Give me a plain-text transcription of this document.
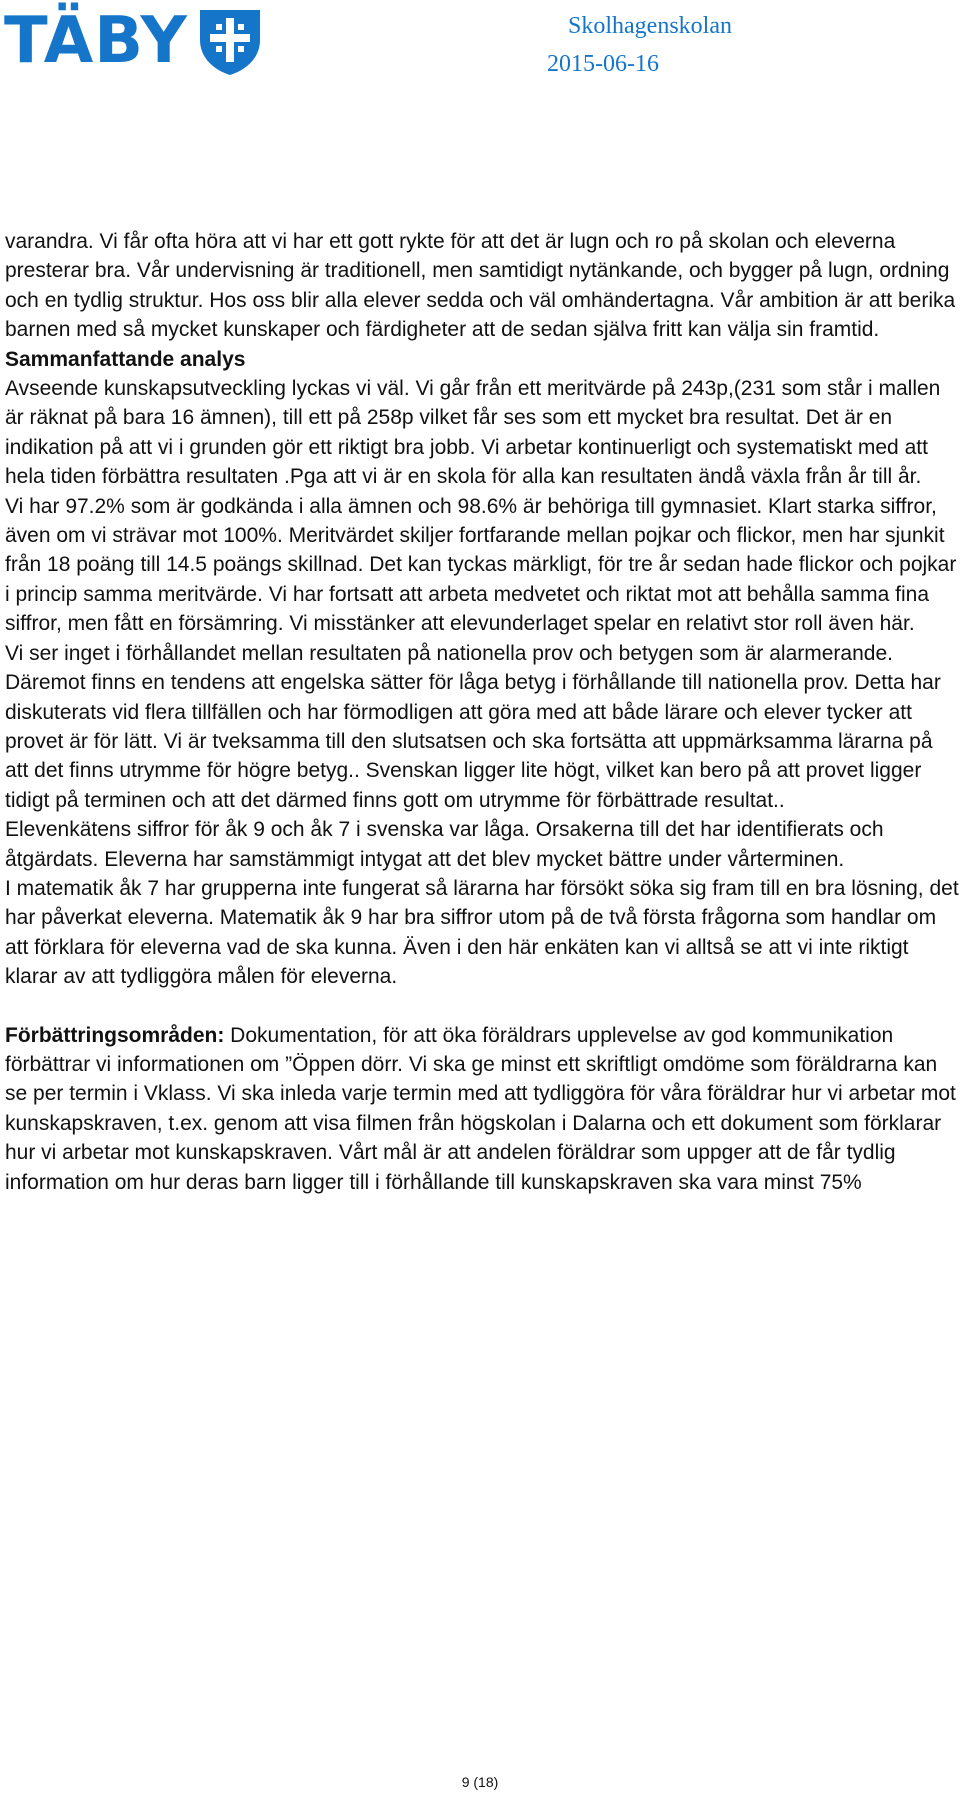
TÄBY	Skolhagenskolan
2015-06-16

varandra. Vi får ofta höra att vi har ett gott rykte för att det är lugn och ro på skolan och eleverna presterar bra. Vår undervisning är traditionell, men samtidigt nytänkande, och bygger på lugn, ordning och en tydlig struktur. Hos oss blir alla elever sedda och väl omhändertagna. Vår ambition är att berika barnen med så mycket kunskaper och färdigheter att de sedan själva fritt kan välja sin framtid.

Sammanfattande analys

Avseende kunskapsutveckling lyckas vi väl. Vi går från ett meritvärde på 243p,(231 som står i mallen är räknat på bara 16 ämnen), till ett på 258p vilket får ses som ett mycket bra resultat. Det är en indikation på att vi i grunden gör ett riktigt bra jobb. Vi arbetar kontinuerligt och systematiskt med att hela tiden förbättra resultaten .Pga att vi är en skola för alla kan resultaten ändå växla från år till år.

Vi har 97.2% som är godkända i alla ämnen och 98.6% är behöriga till gymnasiet. Klart starka siffror, även om vi strävar mot 100%. Meritvärdet skiljer fortfarande mellan pojkar och flickor, men har sjunkit från 18 poäng till 14.5 poängs skillnad. Det kan tyckas märkligt, för tre år sedan hade flickor och pojkar i princip samma meritvärde. Vi har fortsatt att arbeta medvetet och riktat mot att behålla samma fina siffror, men fått en försämring. Vi misstänker att elevunderlaget spelar en relativt stor roll även här.

Vi ser inget i förhållandet mellan resultaten på nationella prov och betygen som är alarmerande. Däremot finns en tendens att engelska sätter för låga betyg i förhållande till nationella prov. Detta har diskuterats vid flera tillfällen och har förmodligen att göra med att både lärare och elever tycker att provet är för lätt. Vi är tveksamma till den slutsatsen och ska fortsätta att uppmärksamma lärarna på att det finns utrymme för högre betyg.. Svenskan ligger lite högt, vilket kan bero på att provet ligger tidigt på terminen och att det därmed finns gott om utrymme för förbättrade resultat..

Elevenkätens siffror för åk 9 och åk 7 i svenska var låga. Orsakerna till det har identifierats och åtgärdats. Eleverna har samstämmigt intygat att det blev mycket bättre under vårterminen.

I matematik åk 7 har grupperna inte fungerat så lärarna har försökt söka sig fram till en bra lösning, det har påverkat eleverna. Matematik åk 9 har bra siffror utom på de två första frågorna som handlar om att förklara för eleverna vad de ska kunna. Även i den här enkäten kan vi alltså se att vi inte riktigt klarar av att tydliggöra målen för eleverna.

Förbättringsområden: Dokumentation, för att öka föräldrars upplevelse av god kommunikation förbättrar vi informationen om ”Öppen dörr. Vi ska ge minst ett skriftligt omdöme som föräldrarna kan se per termin i Vklass. Vi ska inleda varje termin med att tydliggöra för våra föräldrar hur vi arbetar mot kunskapskraven, t.ex. genom att visa filmen från högskolan i Dalarna och ett dokument som förklarar hur vi arbetar mot kunskapskraven. Vårt mål är att andelen föräldrar som uppger att de får tydlig information om hur deras barn ligger till i förhållande till kunskapskraven ska vara minst 75%

9 (18)
